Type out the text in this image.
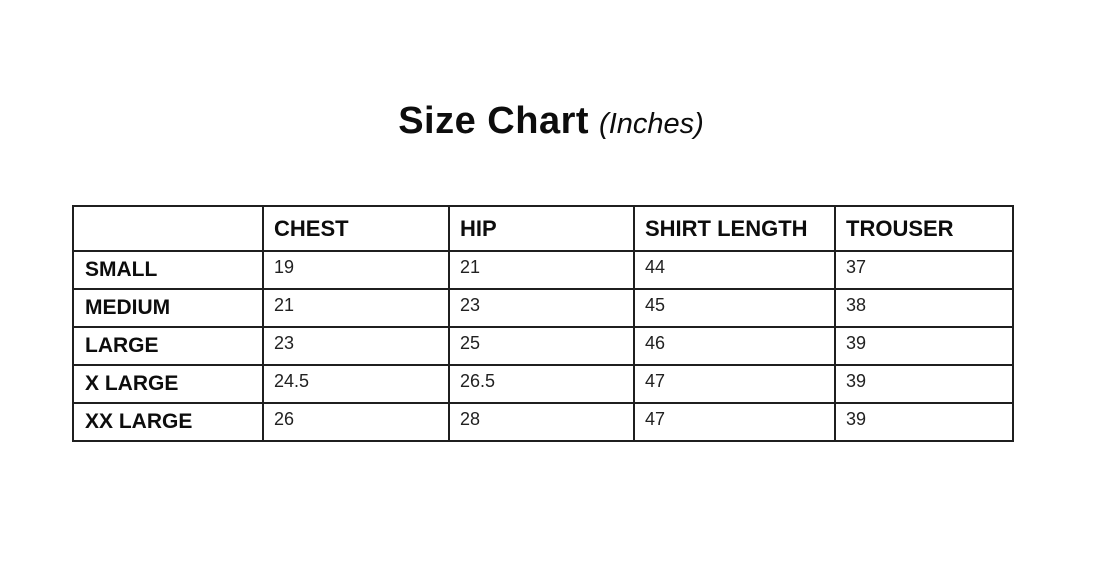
Size Chart (Inches)
	CHEST	HIP	SHIRT LENGTH	TROUSER
SMALL	19	21	44	37
MEDIUM	21	23	45	38
LARGE	23	25	46	39
X LARGE	24.5	26.5	47	39
XX LARGE	26	28	47	39
